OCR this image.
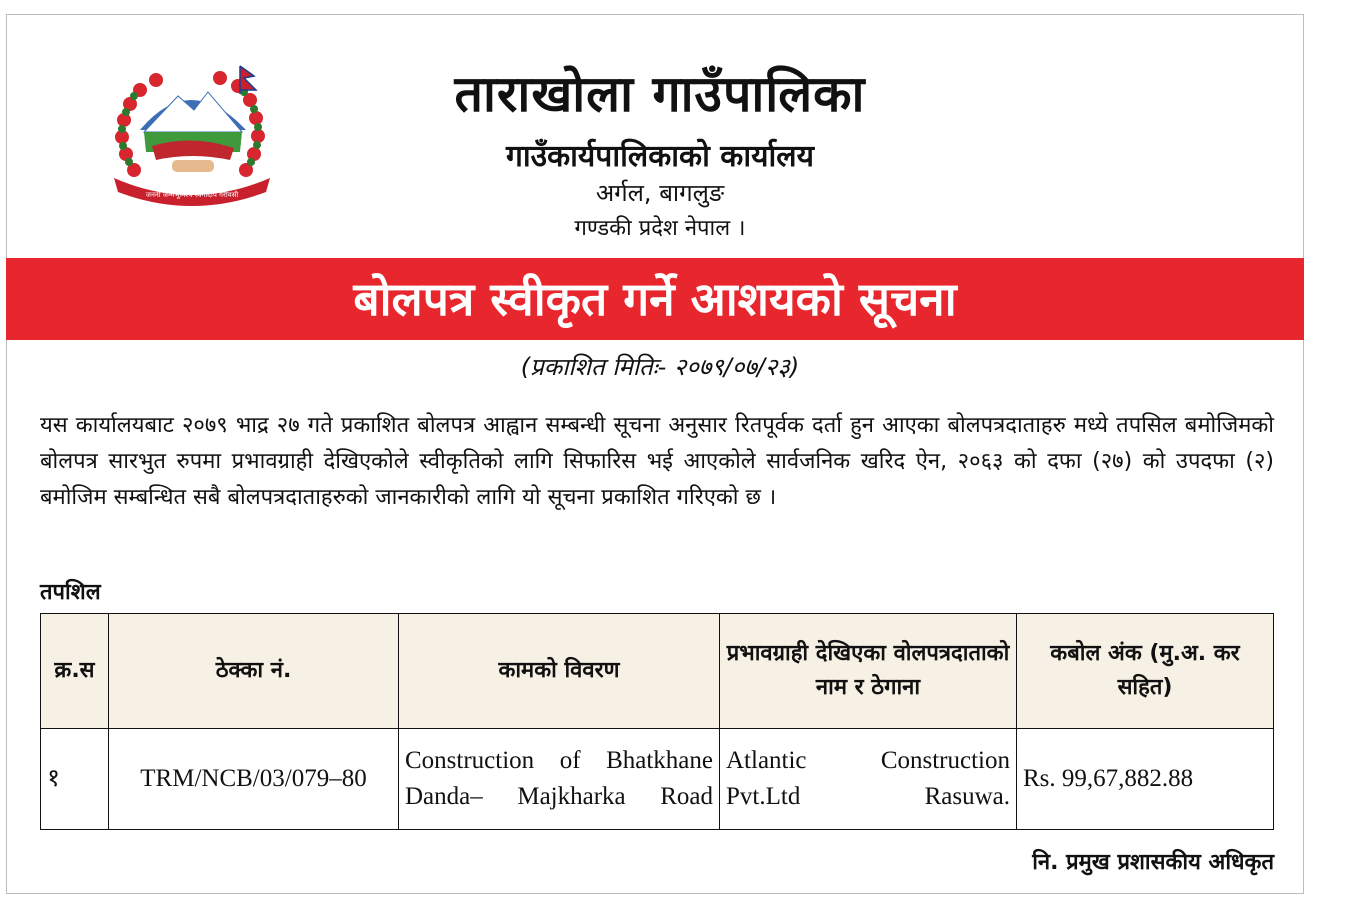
जननी जन्मभूमिश्च स्वर्गादपि गरीयसी
ताराखोला गाउँपालिका
गाउँकार्यपालिकाको कार्यालय
अर्गल, बागलुङ
गण्डकी प्रदेश नेपाल ।
बोलपत्र स्वीकृत गर्ने आशयको सूचना
(प्रकाशित मितिः- २०७९/०७/२३)
यस कार्यालयबाट २०७९ भाद्र २७ गते प्रकाशित बोलपत्र आह्वान सम्बन्धी सूचना अनुसार रितपूर्वक दर्ता हुन आएका बोलपत्रदाताहरु मध्ये तपसिल बमोजिमको बोलपत्र सारभुत रुपमा प्रभावग्राही देखिएकोले स्वीकृतिको लागि सिफारिस भई आएकोले सार्वजनिक खरिद ऐन, २०६३ को दफा (२७) को उपदफा (२) बमोजिम सम्बन्धित सबै बोलपत्रदाताहरुको जानकारीको लागि यो सूचना प्रकाशित गरिएको छ ।
तपशिल
क्र.स	ठेक्का नं.	कामको विवरण	प्रभावग्राही देखिएका वोलपत्रदाताको नाम र ठेगाना	कबोल अंक (मु.अ. कर सहित)
१	TRM/NCB/03/079–80	Construction of Bhatkhane Danda– Majkharka Road	Atlantic Construction Pvt.Ltd Rasuwa.	Rs. 99,67,882.88
नि. प्रमुख प्रशासकीय अधिकृत
